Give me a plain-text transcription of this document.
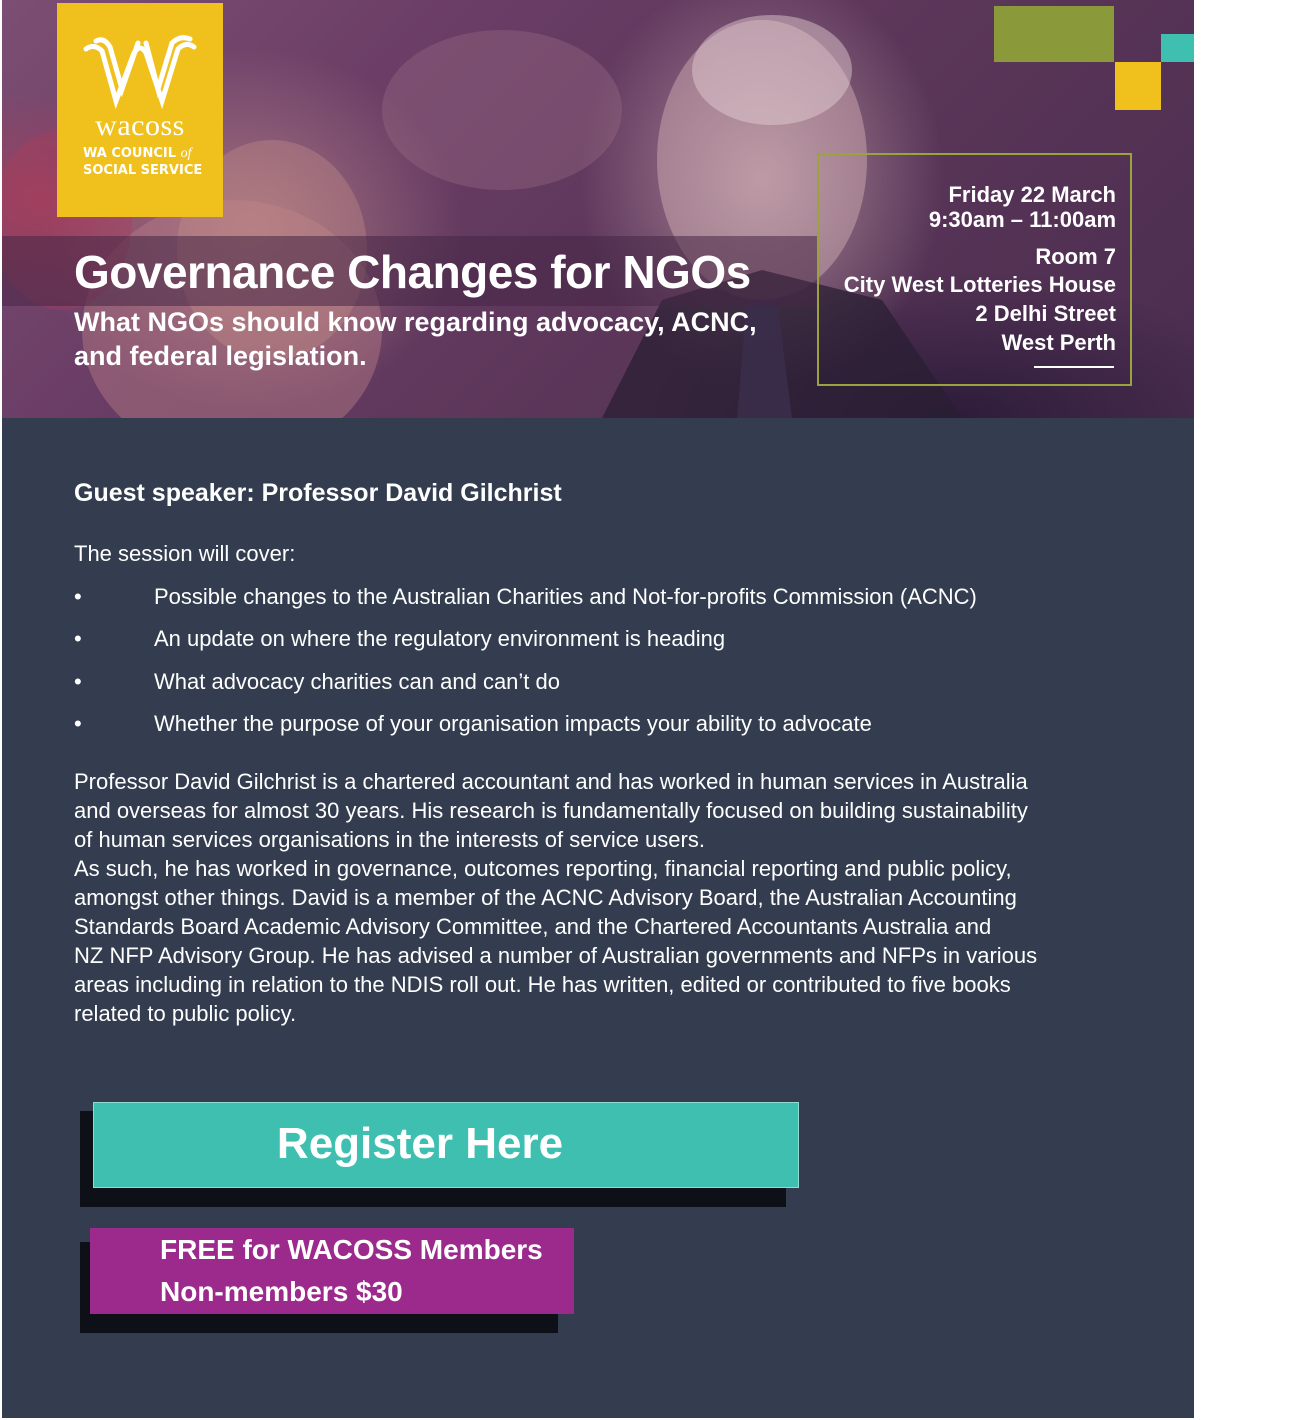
wacoss
WA COUNCIL of
SOCIAL SERVICE
Governance Changes for NGOs

What NGOs should know regarding advocacy, ACNC, and federal legislation.

Friday 22 March
9:30am – 11:00am
Room 7
City West Lotteries House
2 Delhi Street
West Perth
Guest speaker: Professor David Gilchrist

The session will cover:

•	Possible changes to the Australian Charities and Not-for-profits Commission (ACNC)
•	An update on where the regulatory environment is heading
•	What advocacy charities can and can’t do
•	Whether the purpose of your organisation impacts your ability to advocate

Professor David Gilchrist is a chartered accountant and has worked in human services in Australia
and overseas for almost 30 years. His research is fundamentally focused on building sustainability
of human services organisations in the interests of service users.
As such, he has worked in governance, outcomes reporting, financial reporting and public policy,
amongst other things. David is a member of the ACNC Advisory Board, the Australian Accounting
Standards Board Academic Advisory Committee, and the Chartered Accountants Australia and
NZ NFP Advisory Group. He has advised a number of Australian governments and NFPs in various
areas including in relation to the NDIS roll out. He has written, edited or contributed to five books
related to public policy.

Register Here
FREE for WACOSS Members
Non-members $30
